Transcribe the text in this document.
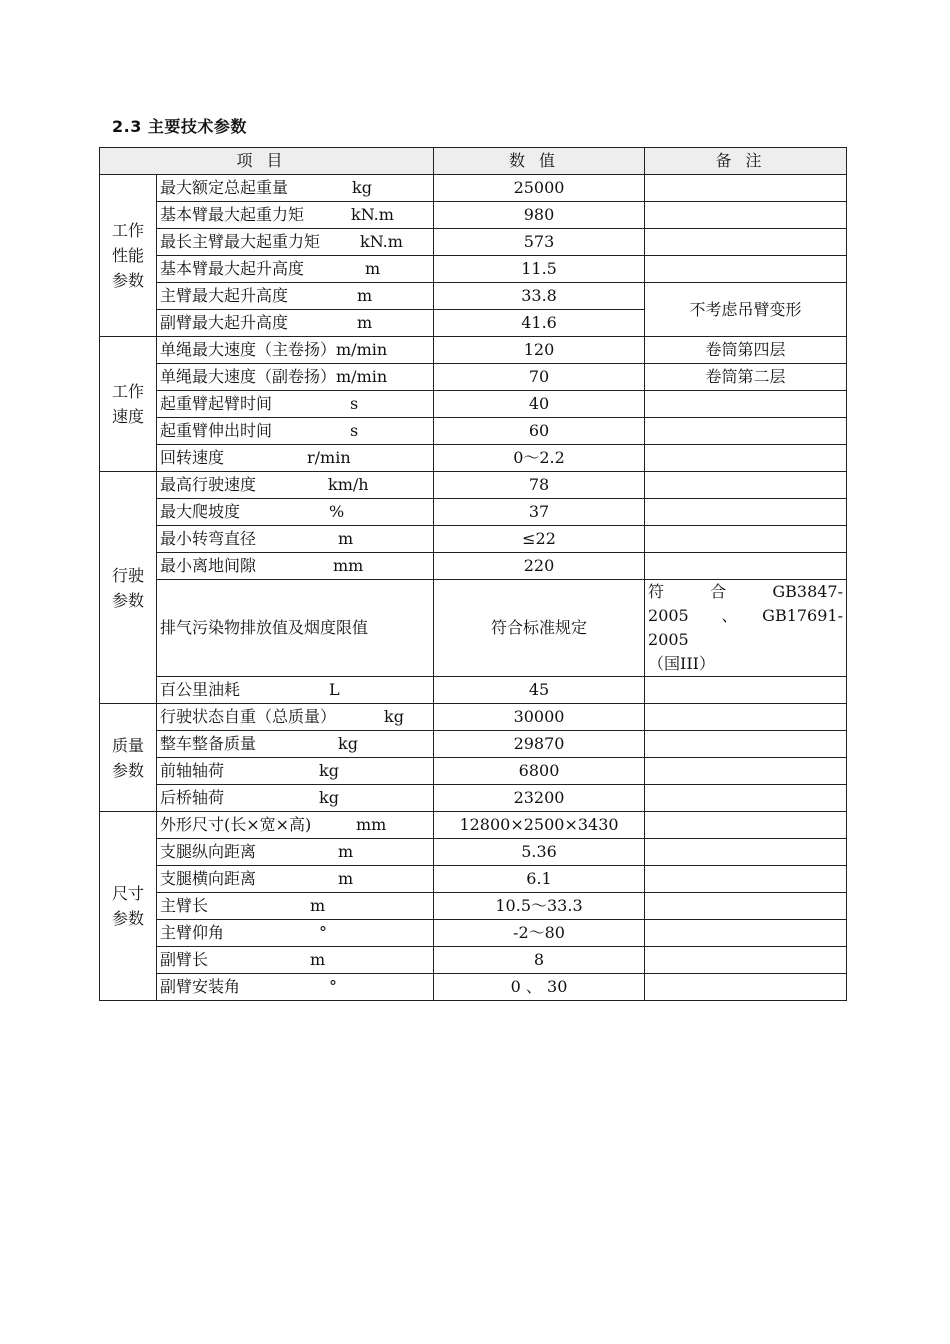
2.3 主要技术参数
项目		数值	备注
工作性能参数	最大额定总起重量 kg	25000	
	基本臂最大起重力矩 kN.m	980	
	最长主臂最大起重力矩 kN.m	573	
	基本臂最大起升高度 m	11.5	
	主臂最大起升高度 m	33.8	不考虑吊臂变形
	副臂最大起升高度 m	41.6	
工作速度	单绳最大速度（主卷扬）m/min	120	卷筒第四层
	单绳最大速度（副卷扬）m/min	70	卷筒第二层
	起重臂起臂时间 s	40	
	起重臂伸出时间 s	60	
	回转速度 r/min	0～2.2	
行驶参数	最高行驶速度 km/h	78	
	最大爬坡度 %	37	
	最小转弯直径 m	≤22	
	最小离地间隙 mm	220	
	排气污染物排放值及烟度限值	符合标准规定	符　　合　　GB3847-
2005　、　GB17691-2005
（国III）

	百公里油耗 L	45	
质量参数	行驶状态自重（总质量） kg	30000	
	整车整备质量 kg	29870	
	前轴轴荷 kg	6800	
	后桥轴荷 kg	23200	
尺寸参数	外形尺寸(长×宽×高) mm	12800×2500×3430	
	支腿纵向距离 m	5.36	
	支腿横向距离 m	6.1	
	主臂长 m	10.5～33.3	
	主臂仰角 °	-2～80	
	副臂长 m	8	
	副臂安装角 °	0 、 30	
